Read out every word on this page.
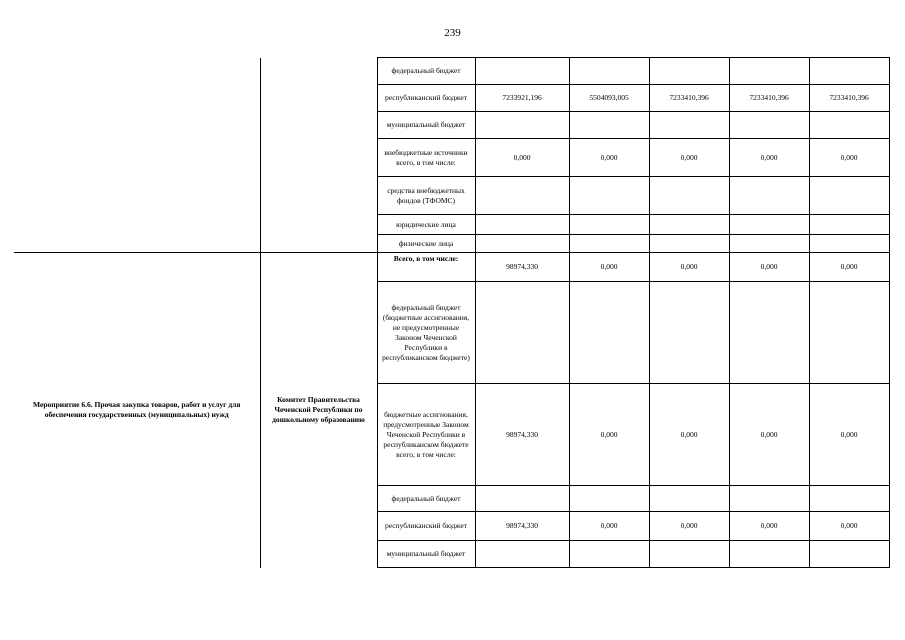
239
		федеральный бюджет					
		республиканский бюджет	7233921,196	5504093,005	7233410,396	7233410,396	7233410,396
		муниципальный бюджет					
		внебюджетные источники всего, в том числе:	0,000	0,000	0,000	0,000	0,000
		средства внебюджетных фондов (ТФОМС)					
		юридические лица					
		физические лица					
Мероприятие 6.6. Прочая закупка товаров, работ и услуг для обеспечения государственных (муниципальных) нужд	Комитет Правительства Чеченской Республики по дошкольному образованию	Всего, в том числе:	98974,330	0,000	0,000	0,000	0,000
		федеральный бюджет (бюджетные ассигнования, не предусмотренные Законом Чеченской Республики в республиканском бюджете)					
		бюджетные ассигнования, предусмотренные Законом Чеченской Республики в республиканском бюджете всего, в том числе:	98974,330	0,000	0,000	0,000	0,000
		федеральный бюджет					
		республиканский бюджет	98974,330	0,000	0,000	0,000	0,000
		муниципальный бюджет					
